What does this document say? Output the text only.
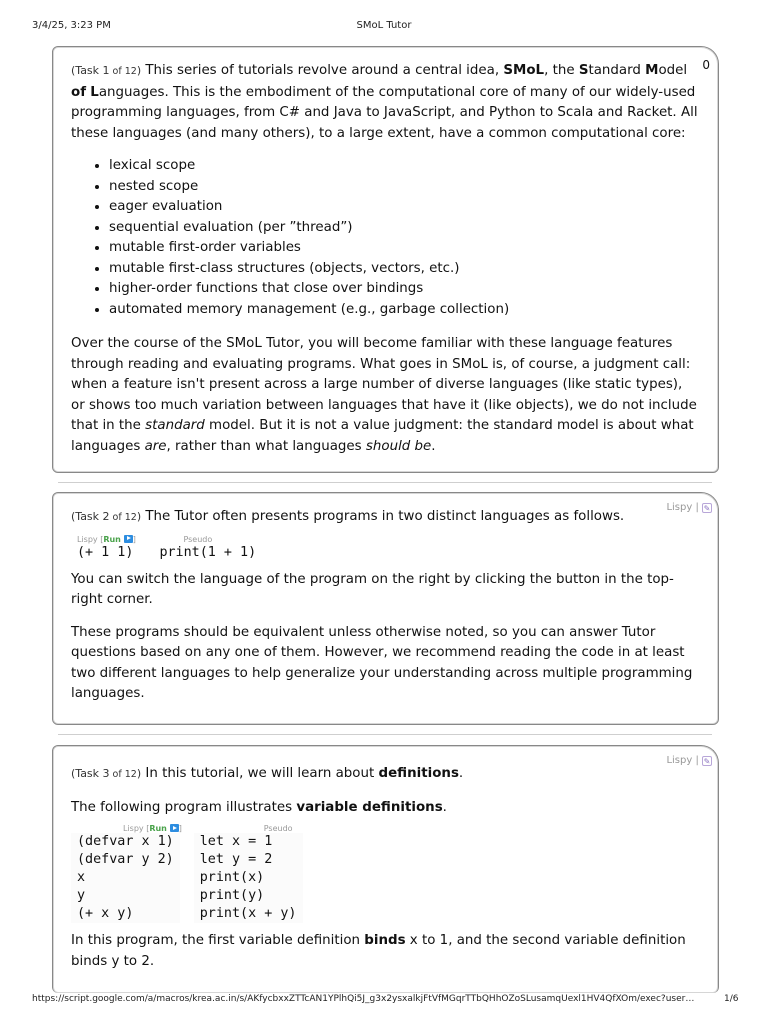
3/4/25, 3:23 PM	SMoL Tutor
0

(Task 1 of 12) This series of tutorials revolve around a central idea, SMoL, the Standard Model of Languages. This is the embodiment of the computational core of many of our widely-used programming languages, from C# and Java to JavaScript, and Python to Scala and Racket. All these languages (and many others), to a large extent, have a common computational core:

• lexical scope
• nested scope
• eager evaluation
• sequential evaluation (per ”thread”)
• mutable first-order variables
• mutable first-class structures (objects, vectors, etc.)
• higher-order functions that close over bindings
• automated memory management (e.g., garbage collection)

Over the course of the SMoL Tutor, you will become familiar with these language features through reading and evaluating programs. What goes in SMoL is, of course, a judgment call: when a feature isn't present across a large number of diverse languages (like static types), or shows too much variation between languages that have it (like objects), we do not include that in the standard model. But it is not a value judgment: the standard model is about what languages are, rather than what languages should be.

Lispy | ✎

(Task 2 of 12) The Tutor often presents programs in two distinct languages as follows.

Lispy [Run ]
(+ 1 1)
Pseudo
print(1 + 1)

You can switch the language of the program on the right by clicking the button in the top-right corner.

These programs should be equivalent unless otherwise noted, so you can answer Tutor questions based on any one of them. However, we recommend reading the code in at least two different languages to help generalize your understanding across multiple programming languages.

Lispy | ✎

(Task 3 of 12) In this tutorial, we will learn about definitions.

The following program illustrates variable definitions.

Lispy [Run ]
(defvar x 1)
(defvar y 2)
x
y
(+ x y)
Pseudo
let x = 1
let y = 2
print(x)
print(y)
print(x + y)

In this program, the first variable definition binds x to 1, and the second variable definition binds y to 2.

https://script.google.com/a/macros/krea.ac.in/s/AKfycbxxZTTcAN1YPlhQi5J_g3x2ysxalkjFtVfMGqrTTbQHhOZoSLusamqUexl1HV4QfXOm/exec?user…	1/6
